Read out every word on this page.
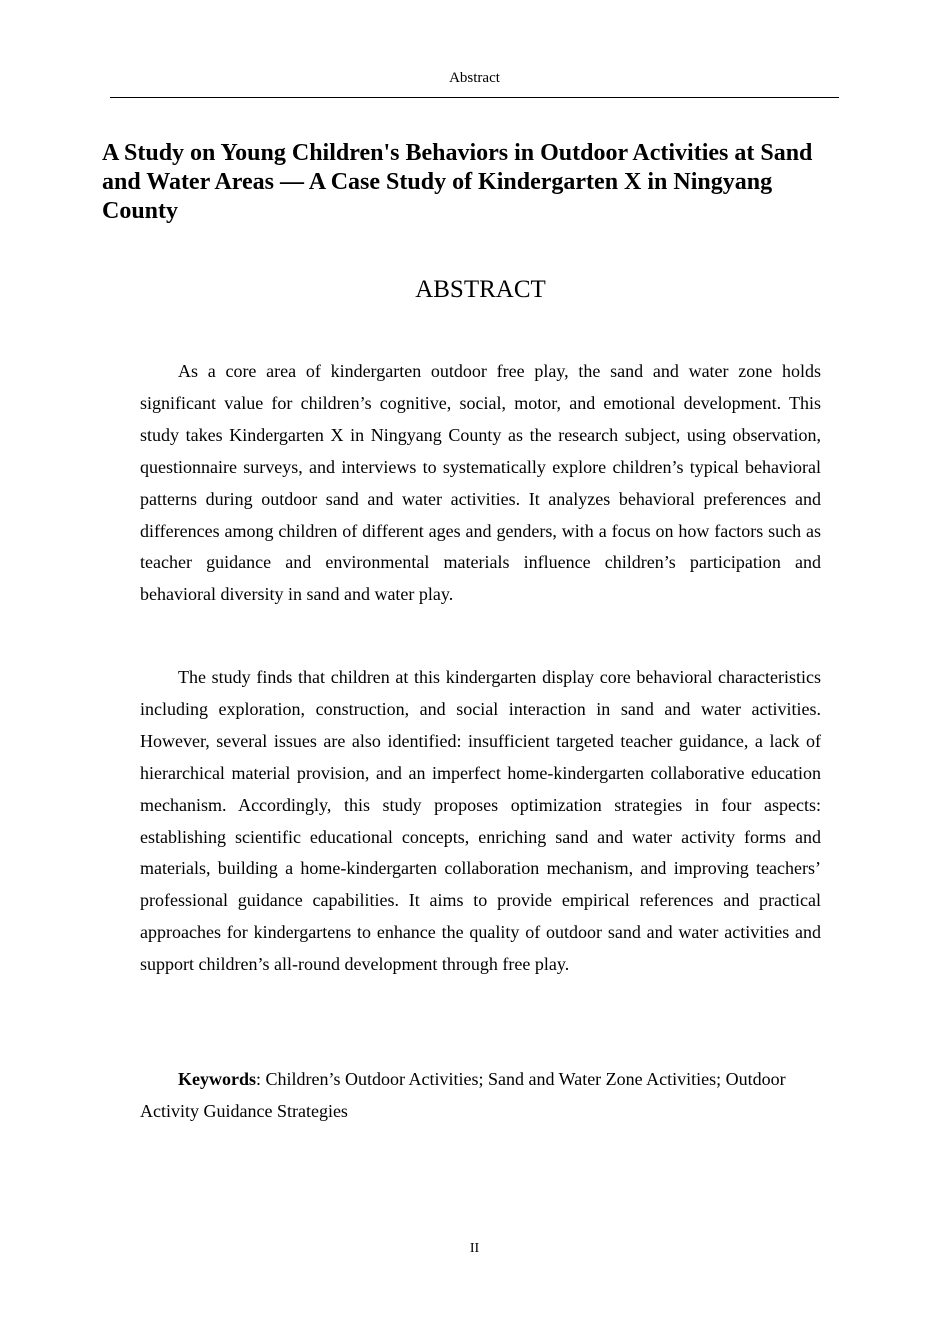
Abstract
A Study on Young Children's Behaviors in Outdoor Activities at Sand and Water Areas — A Case Study of Kindergarten X in Ningyang County
ABSTRACT

As a core area of kindergarten outdoor free play, the sand and water zone holds significant value for children’s cognitive, social, motor, and emotional development. This study takes Kindergarten X in Ningyang County as the research subject, using observation, questionnaire surveys, and interviews to systematically explore children’s typical behavioral patterns during outdoor sand and water activities. It analyzes behavioral preferences and differences among children of different ages and genders, with a focus on how factors such as teacher guidance and environmental materials influence children’s participation and behavioral diversity in sand and water play.

The study finds that children at this kindergarten display core behavioral characteristics including exploration, construction, and social interaction in sand and water activities. However, several issues are also identified: insufficient targeted teacher guidance, a lack of hierarchical material provision, and an imperfect home-kindergarten collaborative education mechanism. Accordingly, this study proposes optimization strategies in four aspects: establishing scientific educational concepts, enriching sand and water activity forms and materials, building a home-kindergarten collaboration mechanism, and improving teachers’ professional guidance capabilities. It aims to provide empirical references and practical approaches for kindergartens to enhance the quality of outdoor sand and water activities and support children’s all-round development through free play.

Keywords: Children’s Outdoor Activities; Sand and Water Zone Activities; Outdoor Activity Guidance Strategies

II
